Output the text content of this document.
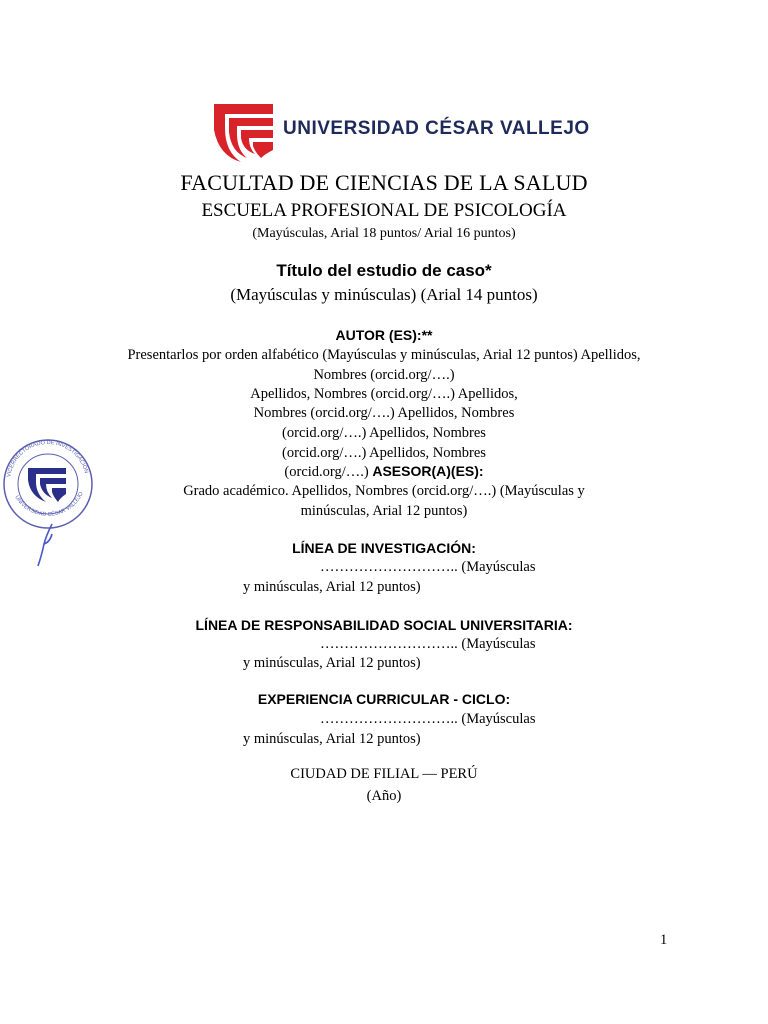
UNIVERSIDAD CÉSAR VALLEJO
FACULTAD DE CIENCIAS DE LA SALUD
ESCUELA PROFESIONAL DE PSICOLOGÍA
(Mayúsculas, Arial 18 puntos/ Arial 16 puntos)
Título del estudio de caso*
(Mayúsculas y minúsculas) (Arial 14 puntos)
AUTOR (ES):**
Presentarlos por orden alfabético (Mayúsculas y minúsculas, Arial 12 puntos) Apellidos,
Nombres (orcid.org/….)
Apellidos, Nombres (orcid.org/….) Apellidos,
Nombres (orcid.org/….) Apellidos, Nombres
(orcid.org/….) Apellidos, Nombres
(orcid.org/….) Apellidos, Nombres
(orcid.org/….) ASESOR(A)(ES):
Grado académico. Apellidos, Nombres (orcid.org/….) (Mayúsculas y
minúsculas, Arial 12 puntos)
LÍNEA DE INVESTIGACIÓN:
……………………….. (Mayúsculas
y minúsculas, Arial 12 puntos)
LÍNEA DE RESPONSABILIDAD SOCIAL UNIVERSITARIA:
……………………….. (Mayúsculas
y minúsculas, Arial 12 puntos)
EXPERIENCIA CURRICULAR - CICLO:
……………………….. (Mayúsculas
y minúsculas, Arial 12 puntos)
CIUDAD DE FILIAL — PERÚ
(Año)
1
VICERRECTORADO DE INVESTIGACIÓN
UNIVERSIDAD CÉSAR VALLEJO
